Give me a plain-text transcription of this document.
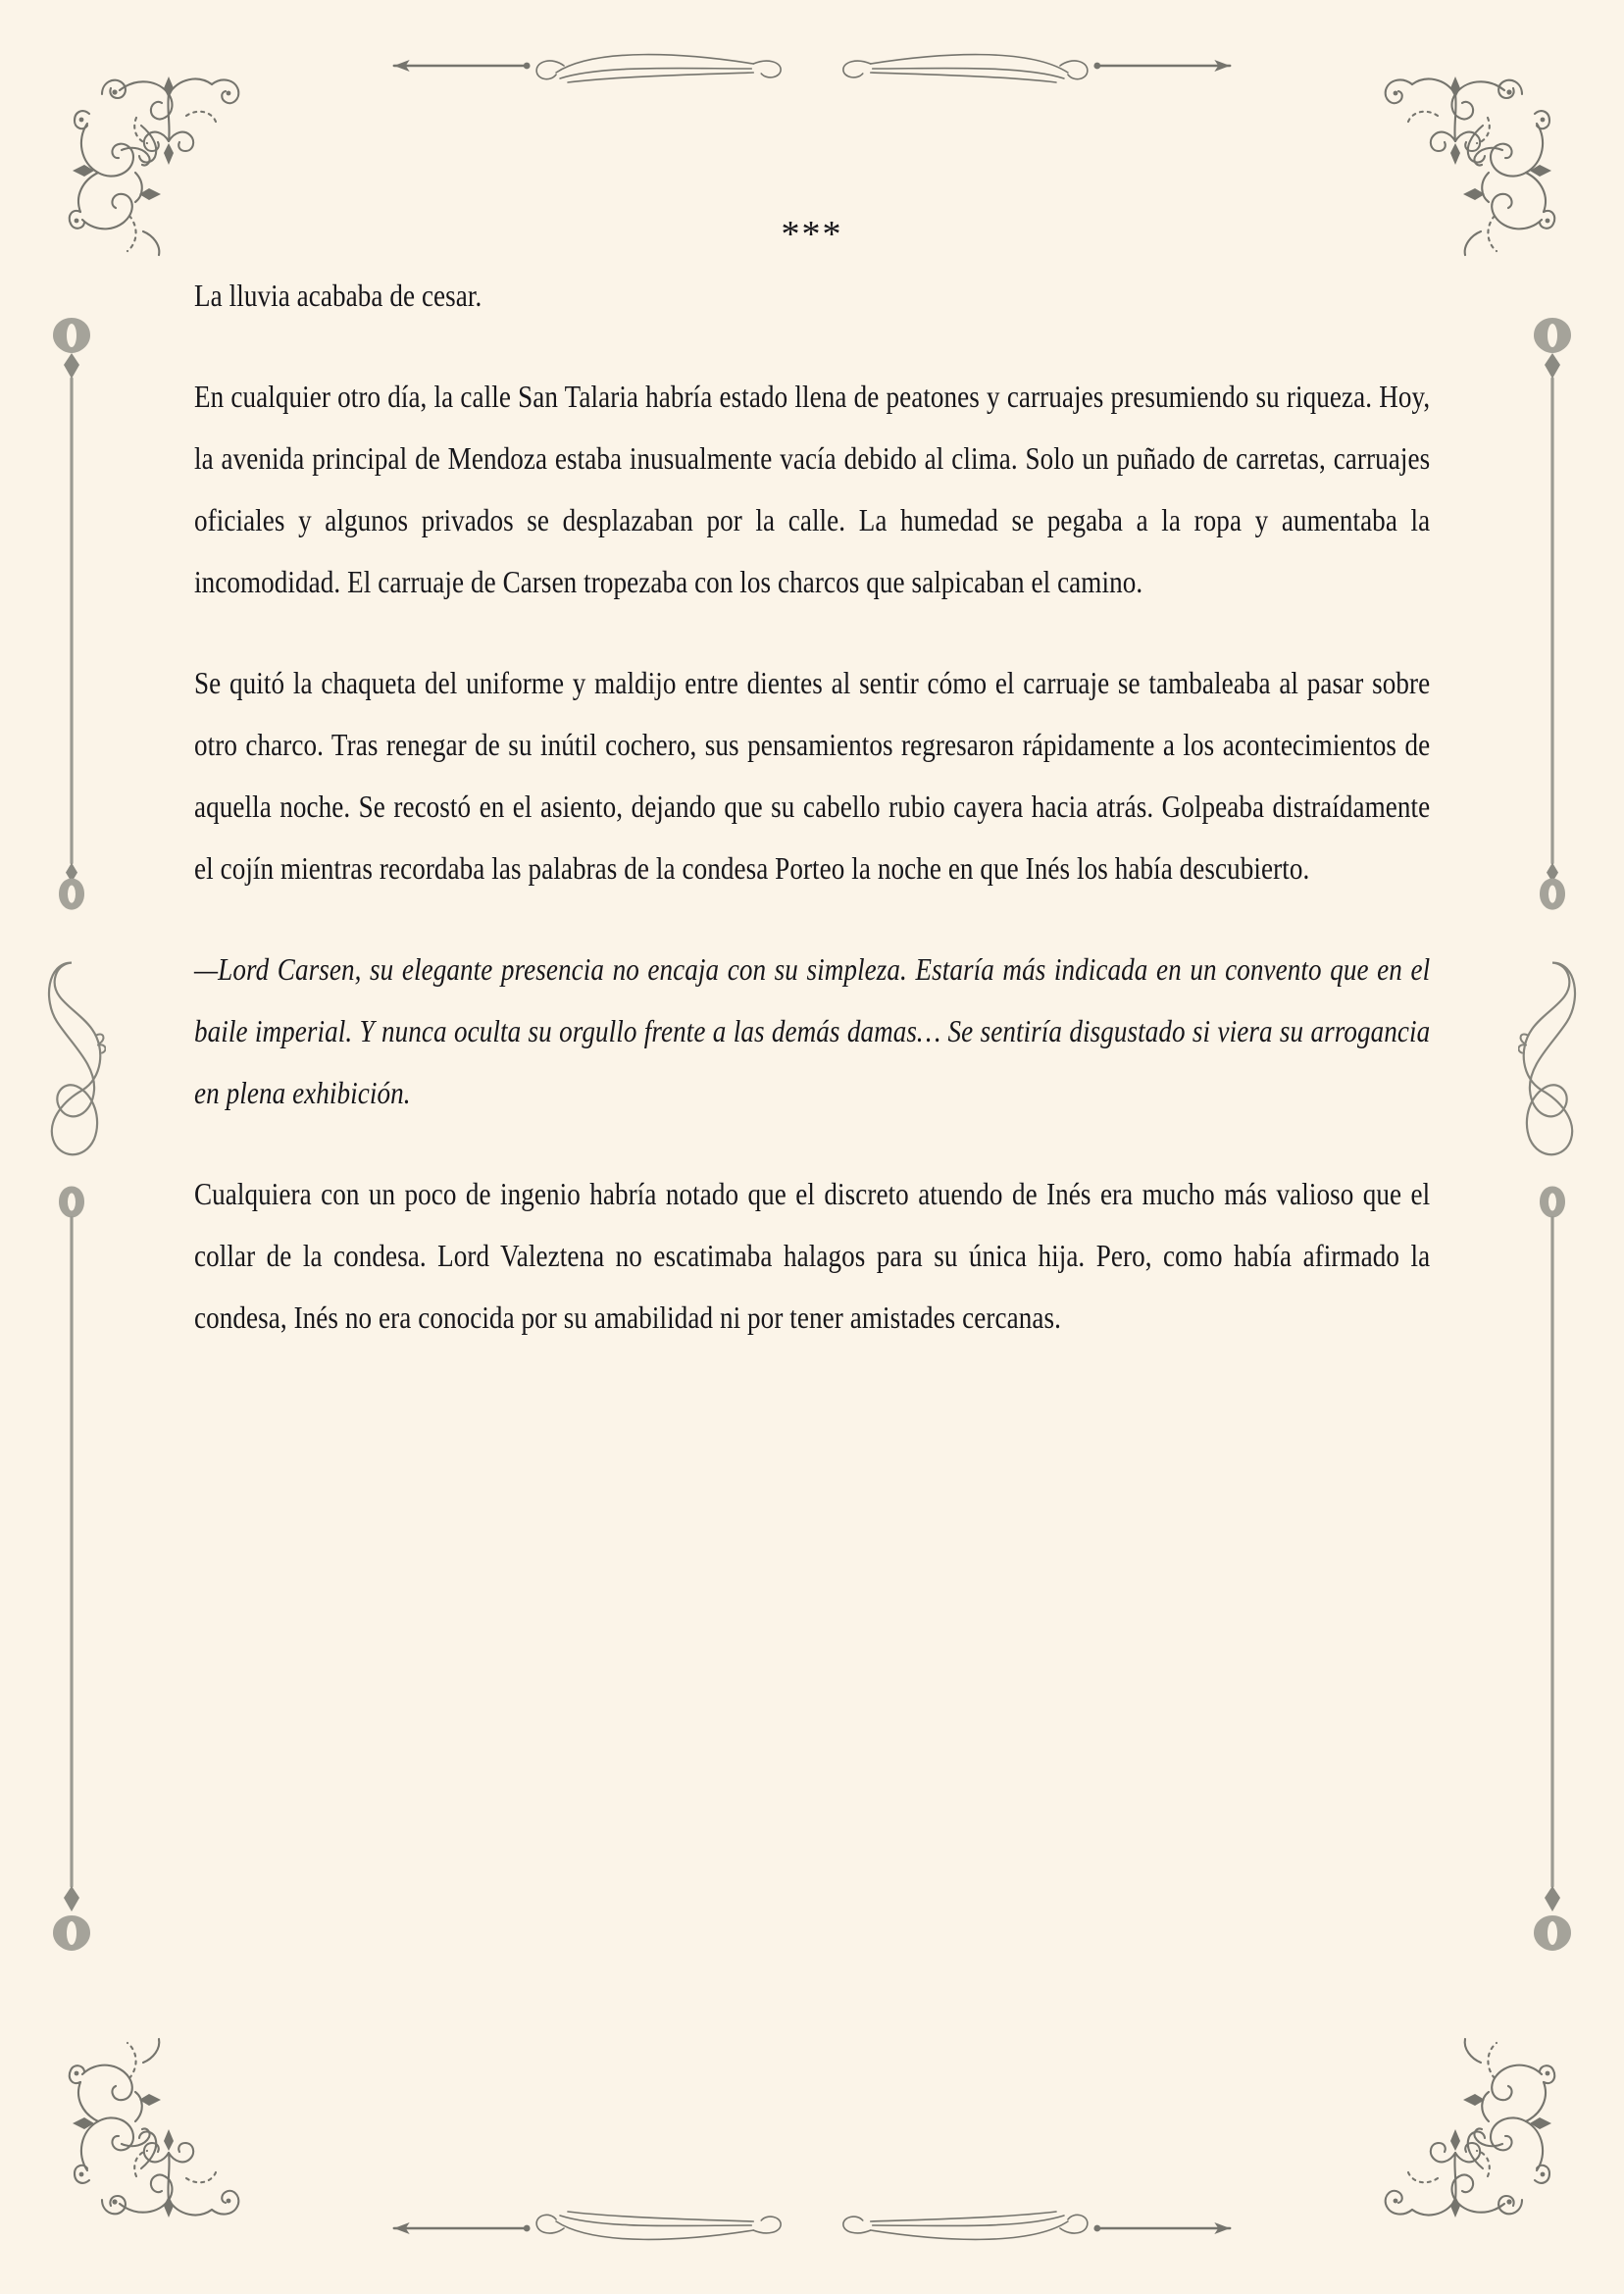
***

La lluvia acababa de cesar.

En cualquier otro día, la calle San Talaria habría estado llena de peatones y carruajes presumiendo su riqueza. Hoy, la avenida principal de Mendoza estaba inusualmente vacía debido al clima. Solo un puñado de carretas, carruajes oficiales y algunos privados se desplazaban por la calle. La humedad se pegaba a la ropa y aumentaba la incomodidad. El carruaje de Carsen tropezaba con los charcos que salpicaban el camino.

Se quitó la chaqueta del uniforme y maldijo entre dientes al sentir cómo el carruaje se tambaleaba al pasar sobre otro charco. Tras renegar de su inútil cochero, sus pensamientos regresaron rápidamente a los acontecimientos de aquella noche. Se recostó en el asiento, dejando que su cabello rubio cayera hacia atrás. Golpeaba distraídamente el cojín mientras recordaba las palabras de la condesa Porteo la noche en que Inés los había descubierto.

—Lord Carsen, su elegante presencia no encaja con su simpleza. Estaría más indicada en un convento que en el baile imperial. Y nunca oculta su orgullo frente a las demás damas… Se sentiría disgustado si viera su arrogancia en plena exhibición.

Cualquiera con un poco de ingenio habría notado que el discreto atuendo de Inés era mucho más valioso que el collar de la condesa. Lord Valeztena no escatimaba halagos para su única hija. Pero, como había afirmado la condesa, Inés no era conocida por su amabilidad ni por tener amistades cercanas.
